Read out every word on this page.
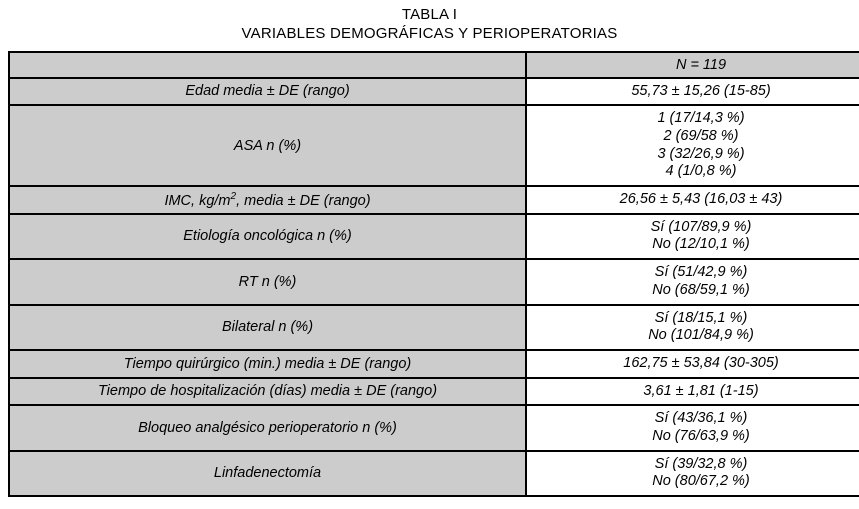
TABLA I
VARIABLES DEMOGRÁFICAS Y PERIOPERATORIAS
	N = 119
Edad media ± DE (rango)	55,73 ± 15,26 (15-85)

ASA n (%)	1 (17/14,3 %)
2 (69/58 %)
3 (32/26,9 %)
4 (1/0,8 %)

IMC, $kg/m^2$, media ± DE (rango)	26,56 ± 5,43 (16,03 ± 43)

Etiología oncológica n (%)	Sí (107/89,9 %)
No (12/10,1 %)

RT n (%)	Sí (51/42,9 %)
No (68/59,1 %)

Bilateral n (%)	Sí (18/15,1 %)
No (101/84,9 %)

Tiempo quirúrgico (min.) media ± DE (rango)	162,75 ± 53,84 (30-305)

Tiempo de hospitalización (días) media ± DE (rango)	3,61 ± 1,81 (1-15)

Bloqueo analgésico perioperatorio n (%)	Sí (43/36,1 %)
No (76/63,9 %)

Linfadenectomía	Sí (39/32,8 %)
No (80/67,2 %)
